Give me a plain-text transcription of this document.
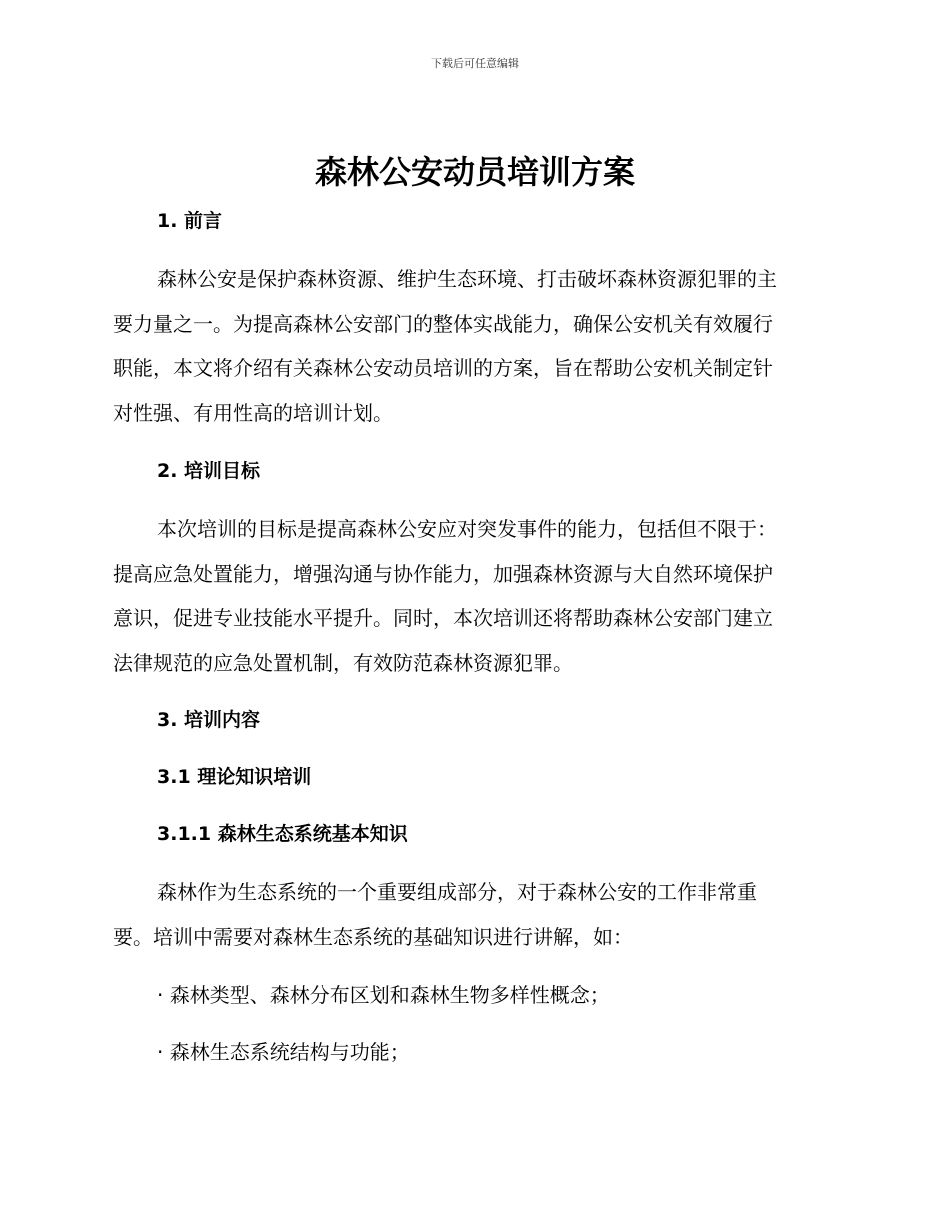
下载后可任意编辑
森林公安动员培训方案
1. 前言
森林公安是保护森林资源、维护生态环境、打击破坏森林资源犯罪的主
要力量之一。为提高森林公安部门的整体实战能力，确保公安机关有效履行
职能，本文将介绍有关森林公安动员培训的方案，旨在帮助公安机关制定针
对性强、有用性高的培训计划。
2. 培训目标
本次培训的目标是提高森林公安应对突发事件的能力，包括但不限于：
提高应急处置能力，增强沟通与协作能力，加强森林资源与大自然环境保护
意识，促进专业技能水平提升。同时，本次培训还将帮助森林公安部门建立
法律规范的应急处置机制，有效防范森林资源犯罪。
3. 培训内容
3.1 理论知识培训
3.1.1 森林生态系统基本知识
森林作为生态系统的一个重要组成部分，对于森林公安的工作非常重
要。培训中需要对森林生态系统的基础知识进行讲解，如：
· 森林类型、森林分布区划和森林生物多样性概念；
· 森林生态系统结构与功能；
